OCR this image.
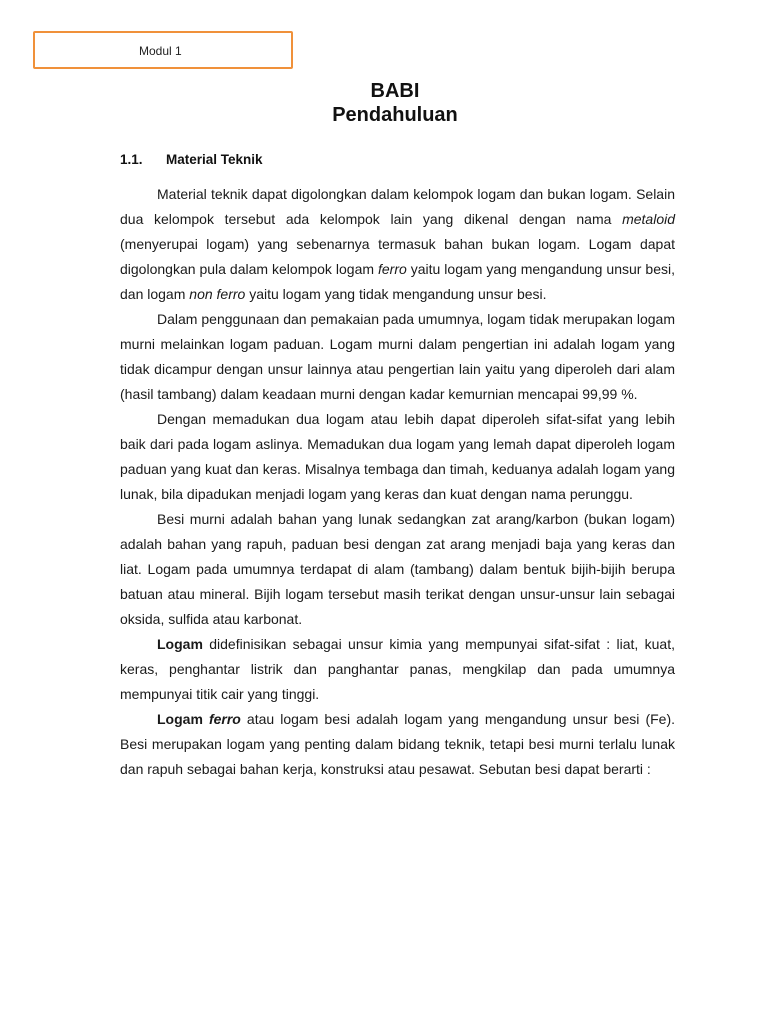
Modul 1
BABI
Pendahuluan
1.1. Material Teknik

Material teknik dapat digolongkan dalam kelompok logam dan bukan logam. Selain dua kelompok tersebut ada kelompok lain yang dikenal dengan nama metaloid (menyerupai logam) yang sebenarnya termasuk bahan bukan logam. Logam dapat digolongkan pula dalam kelompok logam ferro yaitu logam yang mengandung unsur besi, dan logam non ferro yaitu logam yang tidak mengandung unsur besi.

Dalam penggunaan dan pemakaian pada umumnya, logam tidak merupakan logam murni melainkan logam paduan. Logam murni dalam pengertian ini adalah logam yang tidak dicampur dengan unsur lainnya atau pengertian lain yaitu yang diperoleh dari alam (hasil tambang) dalam keadaan murni dengan kadar kemurnian mencapai 99,99 %.

Dengan memadukan dua logam atau lebih dapat diperoleh sifat-sifat yang lebih baik dari pada logam aslinya. Memadukan dua logam yang lemah dapat diperoleh logam paduan yang kuat dan keras. Misalnya tembaga dan timah, keduanya adalah logam yang lunak, bila dipadukan menjadi logam yang keras dan kuat dengan nama perunggu.

Besi murni adalah bahan yang lunak sedangkan zat arang/karbon (bukan logam) adalah bahan yang rapuh, paduan besi dengan zat arang menjadi baja yang keras dan liat. Logam pada umumnya terdapat di alam (tambang) dalam bentuk bijih-bijih berupa batuan atau mineral. Bijih logam tersebut masih terikat dengan unsur-unsur lain sebagai oksida, sulfida atau karbonat.

Logam didefinisikan sebagai unsur kimia yang mempunyai sifat-sifat : liat, kuat, keras, penghantar listrik dan panghantar panas, mengkilap dan pada umumnya mempunyai titik cair yang tinggi.

Logam ferro atau logam besi adalah logam yang mengandung unsur besi (Fe). Besi merupakan logam yang penting dalam bidang teknik, tetapi besi murni terlalu lunak dan rapuh sebagai bahan kerja, konstruksi atau pesawat. Sebutan besi dapat berarti :
